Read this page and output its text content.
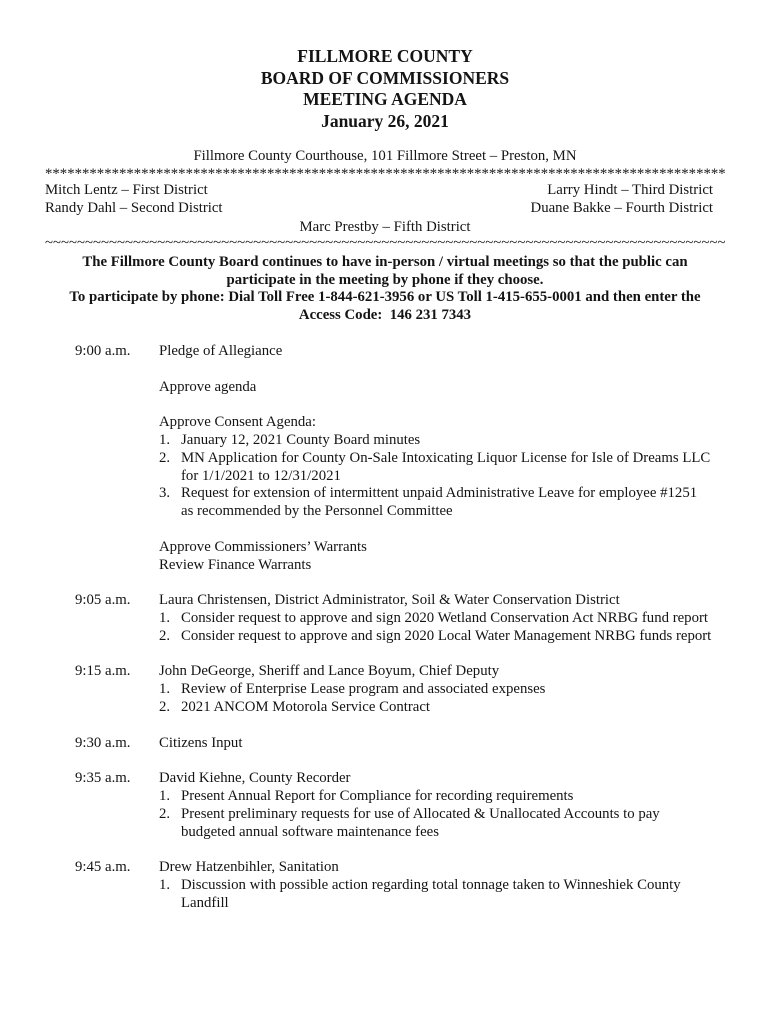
FILLMORE COUNTY
BOARD OF COMMISSIONERS
MEETING AGENDA
January 26, 2021
Fillmore County Courthouse, 101 Fillmore Street – Preston, MN
********************************************************************************************
Mitch Lentz – First District	Larry Hindt – Third District
Randy Dahl – Second District	Duane Bakke – Fourth District
Marc Prestby – Fifth District
~~~~~~~~~~~~~~~~~~~~~~~~~~~~~~~~~~~~~~~~~~~~~~~~~~~~~~~~~~~~~~~~~~~~~~~~~~~~~~~~~~~~~
The Fillmore County Board continues to have in-person / virtual meetings so that the public can
participate in the meeting by phone if they choose.
To participate by phone: Dial Toll Free 1-844-621-3956 or US Toll 1-415-655-0001 and then enter the
Access Code:  146 231 7343
9:00 a.m.	Pledge of Allegiance
Approve agenda
Approve Consent Agenda:
1. January 12, 2021 County Board minutes
2. MN Application for County On-Sale Intoxicating Liquor License for Isle of Dreams LLC
for 1/1/2021 to 12/31/2021
3. Request for extension of intermittent unpaid Administrative Leave for employee #1251
as recommended by the Personnel Committee
Approve Commissioners’ Warrants
Review Finance Warrants
9:05 a.m.	Laura Christensen, District Administrator, Soil & Water Conservation District
1. Consider request to approve and sign 2020 Wetland Conservation Act NRBG fund report
2. Consider request to approve and sign 2020 Local Water Management NRBG funds report
9:15 a.m.	John DeGeorge, Sheriff and Lance Boyum, Chief Deputy
1. Review of Enterprise Lease program and associated expenses
2. 2021 ANCOM Motorola Service Contract
9:30 a.m.	Citizens Input
9:35 a.m.	David Kiehne, County Recorder
1. Present Annual Report for Compliance for recording requirements
2. Present preliminary requests for use of Allocated & Unallocated Accounts to pay
budgeted annual software maintenance fees
9:45 a.m.	Drew Hatzenbihler, Sanitation
1. Discussion with possible action regarding total tonnage taken to Winneshiek County
Landfill
